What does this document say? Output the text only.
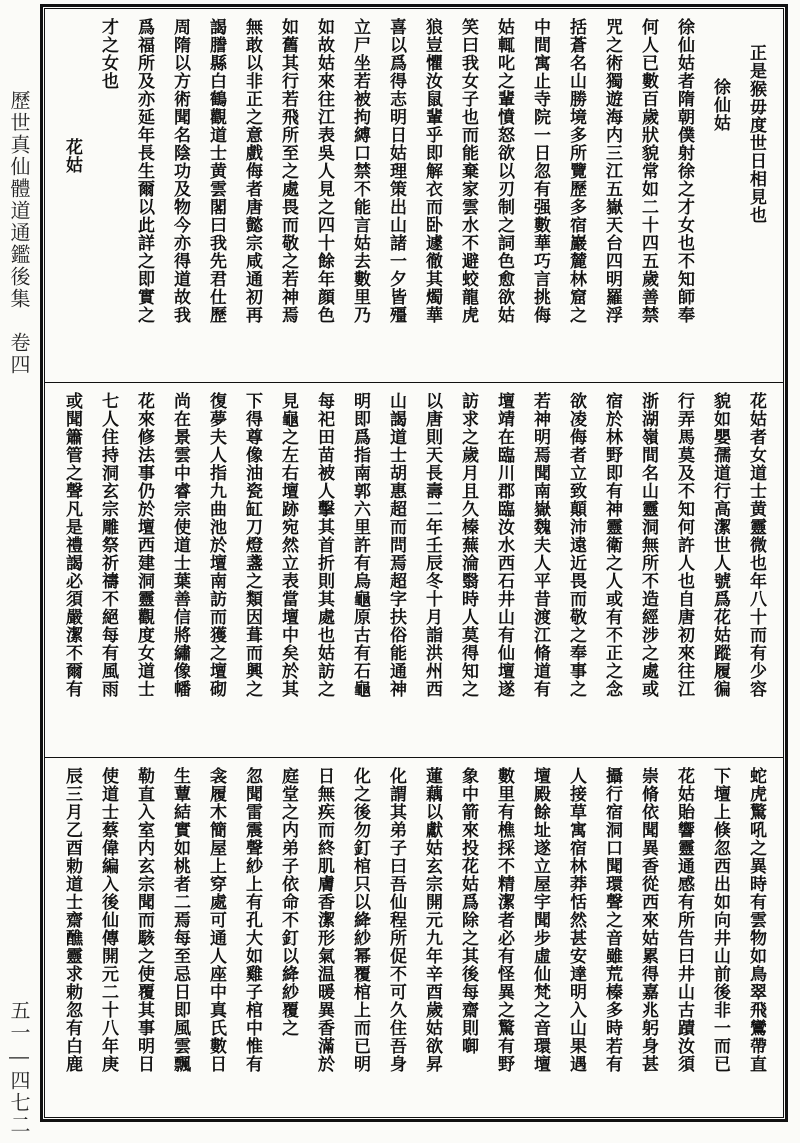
歷世真仙體道通鑑後集　卷四
五一―四七二
正是猴毋度世日相見也
徐仙姑
徐仙姑者隋朝僕射徐之才女也不知師奉
何人已數百歲狀貌常如二十四五歲善禁
咒之術獨遊海内三江五嶽天台四明羅浮
括蒼名山勝境多所覽歷多宿巖麓林窟之
中間寓止寺院一日忽有强數華巧言挑侮
姑輒叱之輩憤怒欲以刃制之詞色愈欲姑
笑曰我女子也而能棄家雲水不避蛟龍虎
狼豈懼汝鼠輩乎即解衣而卧遽徹其燭華
喜以爲得志明日姑理策出山諸一夕皆殭
立尸坐若被拘縛口禁不能言姑去數里乃
如故姑來往江表吳人見之四十餘年顔色
如舊其行若飛所至之處畏而敬之若神焉
無敢以非正之意戲侮者唐懿宗咸通初再
謁謄縣白鶴觀道士黄雲閣曰我先君仕歷
周隋以方術聞名陰功及物今亦得道故我
爲福所及亦延年長生爾以此詳之即實之
才之女也
花姑
花姑者女道士黄靈微也年八十而有少容
貌如嬰孺道行高潔世人號爲花姑蹤履徧
行弄馬莫及不知何許人也自唐初來往江
浙湖嶺間名山靈洞無所不造經涉之處或
宿於林野即有神靈衛之人或有不正之念
欲凌侮者立致顛沛遠近畏而敬之奉事之
若神明焉聞南嶽魏夫人平昔渡江脩道有
壇靖在臨川郡臨汝水西石井山有仙壇遂
訪求之歲月且久榛蕪淪翳時人莫得知之
以唐則天長壽二年壬辰冬十月詣洪州西
山謁道士胡惠超而問焉超字扶俗能通神
明即爲指南郭六里許有烏龜原古有石龜
每祀田苗被人擊其首折則其處也姑訪之
見龜之左右壇跡宛然立表當壇中矣於其
下得尊像油瓷缸刀燈盞之類因葺而興之
復夢夫人指九曲池於壇南訪而獲之壇砌
尚在景雲中睿宗使道士葉善信將繡像幡
花來修法事仍於壇西建洞靈觀度女道士
七人住持洞玄宗雕祭祈禱不絕每有風雨
或聞簫管之聲凡是禮謁必須嚴潔不爾有
蛇虎驚吼之異時有雲物如鳥翠飛鸞帶直
下壇上倏忽西出如向井山前後非一而已
花姑貽響靈通感有所告曰井山古蹟汝須
崇脩依聞異香從西來姑累得嘉兆躬身甚
攝行宿洞口聞環聲之音雖荒榛多時若有
人接草寓宿林莽恬然甚安達明入山果遇
壇殿餘址遂立屋宇聞步虛仙梵之音環壇
數里有樵採不精潔者必有怪異之驚有野
象中箭來投花姑爲除之其後每齋則啣
蓮藕以獻姑玄宗開元九年辛酉歲姑欲昇
化謂其弟子曰吾仙程所促不可久住吾身
化之後勿釘棺只以絳紗幂覆棺上而已明
日無疾而終肌膚香潔形氣温暖異香滿於
庭堂之内弟子依命不釘以絳紗覆之
忽聞雷震聲紗上有孔大如雞子棺中惟有
衾履木簡屋上穿處可通人座中真氏數日
生蕈結實如桃者二焉每至忌日即風雲飄
勒直入室内玄宗聞而駭之使覆其事明日
使道士蔡偉編入後仙傳開元二十八年庚
辰三月乙酉勅道士齋醮靈求勅忽有白鹿
